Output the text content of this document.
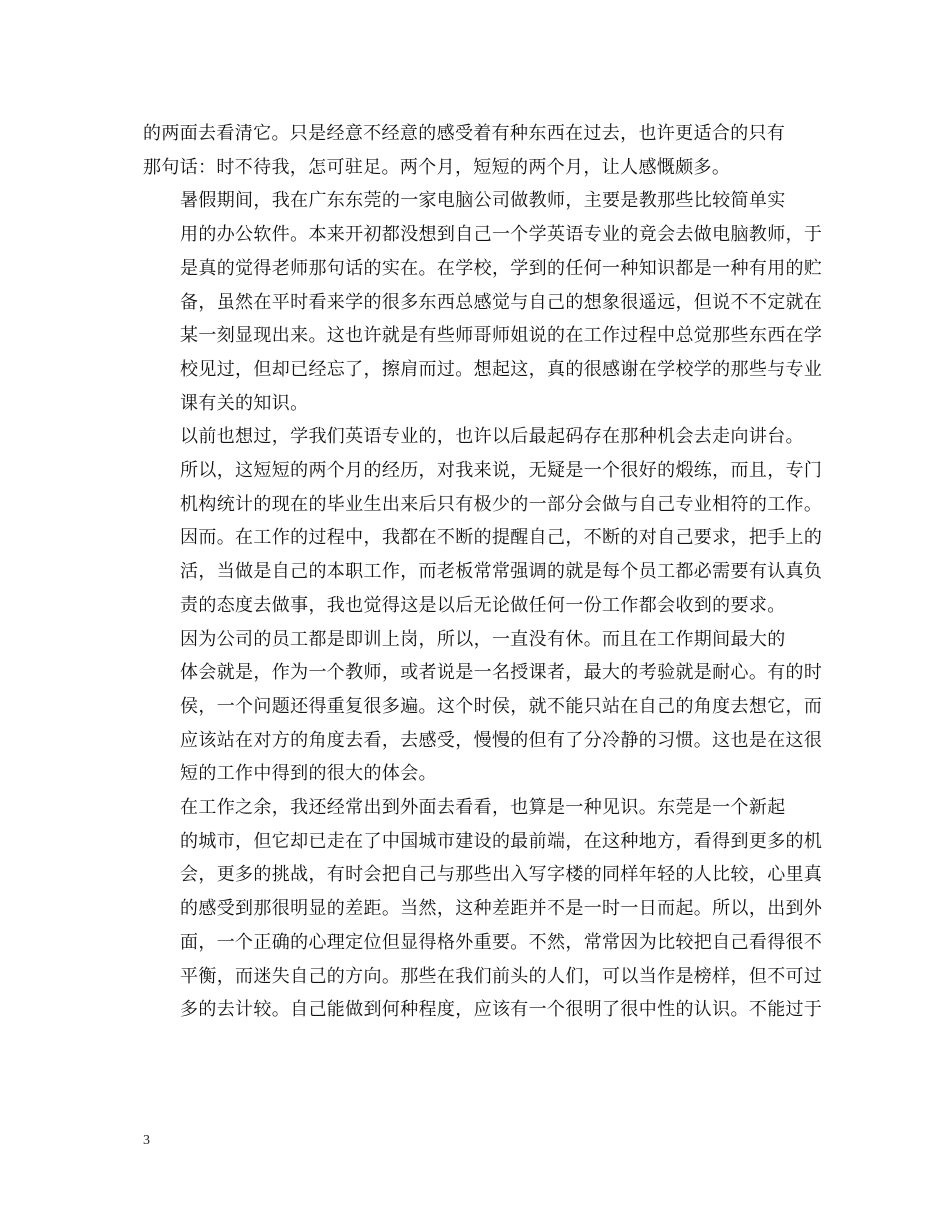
的两面去看清它。只是经意不经意的感受着有种东西在过去，也许更适合的只有
那句话：时不待我，怎可驻足。两个月，短短的两个月，让人感慨颇多。

暑假期间，我在广东东莞的一家电脑公司做教师，主要是教那些比较简单实
用的办公软件。本来开初都没想到自己一个学英语专业的竟会去做电脑教师，于
是真的觉得老师那句话的实在。在学校，学到的任何一种知识都是一种有用的贮
备，虽然在平时看来学的很多东西总感觉与自己的想象很遥远，但说不不定就在
某一刻显现出来。这也许就是有些师哥师姐说的在工作过程中总觉那些东西在学
校见过，但却已经忘了，擦肩而过。想起这，真的很感谢在学校学的那些与专业
课有关的知识。

以前也想过，学我们英语专业的，也许以后最起码存在那种机会去走向讲台。
所以，这短短的两个月的经历，对我来说，无疑是一个很好的煅练，而且，专门
机构统计的现在的毕业生出来后只有极少的一部分会做与自己专业相符的工作。
因而。在工作的过程中，我都在不断的提醒自己，不断的对自己要求，把手上的
活，当做是自己的本职工作，而老板常常强调的就是每个员工都必需要有认真负
责的态度去做事，我也觉得这是以后无论做任何一份工作都会收到的要求。

因为公司的员工都是即训上岗，所以，一直没有休。而且在工作期间最大的
体会就是，作为一个教师，或者说是一名授课者，最大的考验就是耐心。有的时
侯，一个问题还得重复很多遍。这个时侯，就不能只站在自己的角度去想它，而
应该站在对方的角度去看，去感受，慢慢的但有了分冷静的习惯。这也是在这很
短的工作中得到的很大的体会。

在工作之余，我还经常出到外面去看看，也算是一种见识。东莞是一个新起
的城市，但它却已走在了中国城市建设的最前端，在这种地方，看得到更多的机
会，更多的挑战，有时会把自己与那些出入写字楼的同样年轻的人比较，心里真
的感受到那很明显的差距。当然，这种差距并不是一时一日而起。所以，出到外
面，一个正确的心理定位但显得格外重要。不然，常常因为比较把自己看得很不
平衡，而迷失自己的方向。那些在我们前头的人们，可以当作是榜样，但不可过
多的去计较。自己能做到何种程度，应该有一个很明了很中性的认识。不能过于

3
